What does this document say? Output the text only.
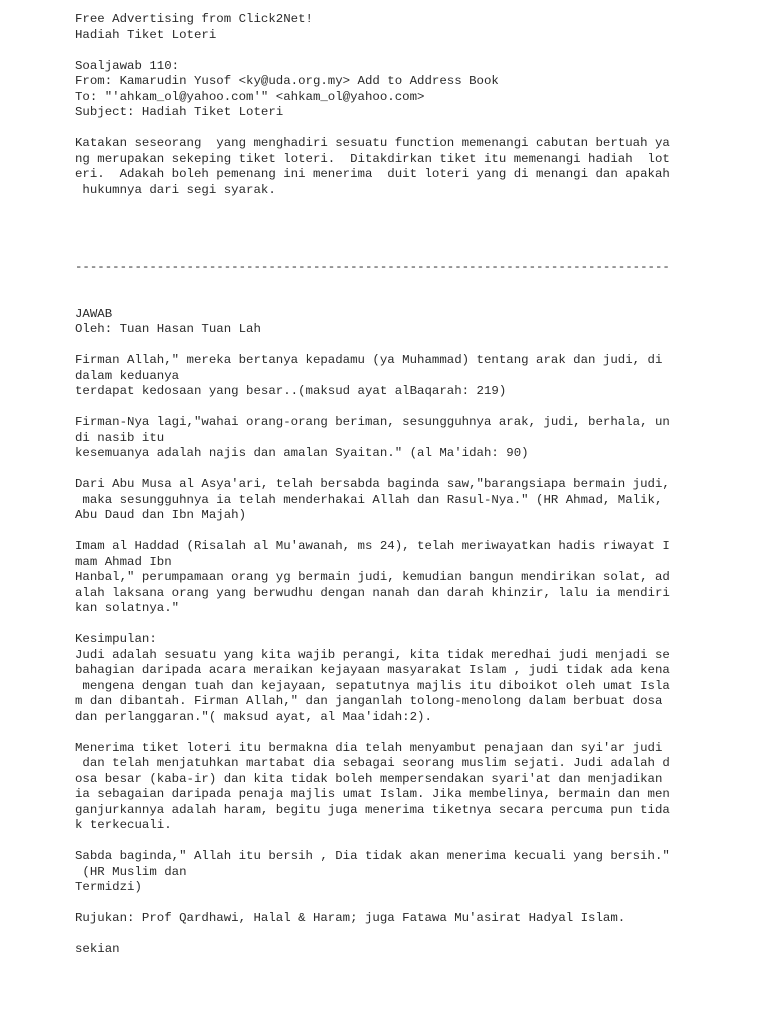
Free Advertising from Click2Net!
Hadiah Tiket Loteri
Soaljawab 110:
From: Kamarudin Yusof <ky@uda.org.my> Add to Address Book
To: "'ahkam_ol@yahoo.com'" <ahkam_ol@yahoo.com>
Subject: Hadiah Tiket Loteri
Katakan seseorang  yang menghadiri sesuatu function memenangi cabutan bertuah ya
ng merupakan sekeping tiket loteri.  Ditakdirkan tiket itu memenangi hadiah  lot
eri.  Adakah boleh pemenang ini menerima  duit loteri yang di menangi dan apakah
hukumnya dari segi syarak.
--------------------------------------------------------------------------------
JAWAB
Oleh: Tuan Hasan Tuan Lah
Firman Allah," mereka bertanya kepadamu (ya Muhammad) tentang arak dan judi, di
dalam keduanya
terdapat kedosaan yang besar..(maksud ayat alBaqarah: 219)
Firman-Nya lagi,"wahai orang-orang beriman, sesungguhnya arak, judi, berhala, un
di nasib itu
kesemuanya adalah najis dan amalan Syaitan." (al Ma'idah: 90)
Dari Abu Musa al Asya'ari, telah bersabda baginda saw,"barangsiapa bermain judi,
maka sesungguhnya ia telah menderhakai Allah dan Rasul-Nya." (HR Ahmad, Malik,
Abu Daud dan Ibn Majah)
Imam al Haddad (Risalah al Mu'awanah, ms 24), telah meriwayatkan hadis riwayat I
mam Ahmad Ibn
Hanbal," perumpamaan orang yg bermain judi, kemudian bangun mendirikan solat, ad
alah laksana orang yang berwudhu dengan nanah dan darah khinzir, lalu ia mendiri
kan solatnya."
Kesimpulan:
Judi adalah sesuatu yang kita wajib perangi, kita tidak meredhai judi menjadi se
bahagian daripada acara meraikan kejayaan masyarakat Islam , judi tidak ada kena
mengena dengan tuah dan kejayaan, sepatutnya majlis itu diboikot oleh umat Isla
m dan dibantah. Firman Allah," dan janganlah tolong-menolong dalam berbuat dosa
dan perlanggaran."( maksud ayat, al Maa'idah:2).
Menerima tiket loteri itu bermakna dia telah menyambut penajaan dan syi'ar judi
dan telah menjatuhkan martabat dia sebagai seorang muslim sejati. Judi adalah d
osa besar (kaba-ir) dan kita tidak boleh mempersendakan syari'at dan menjadikan
ia sebagaian daripada penaja majlis umat Islam. Jika membelinya, bermain dan men
ganjurkannya adalah haram, begitu juga menerima tiketnya secara percuma pun tida
k terkecuali.
Sabda baginda," Allah itu bersih , Dia tidak akan menerima kecuali yang bersih."
(HR Muslim dan
Termidzi)
Rujukan: Prof Qardhawi, Halal & Haram; juga Fatawa Mu'asirat Hadyal Islam.
sekian
